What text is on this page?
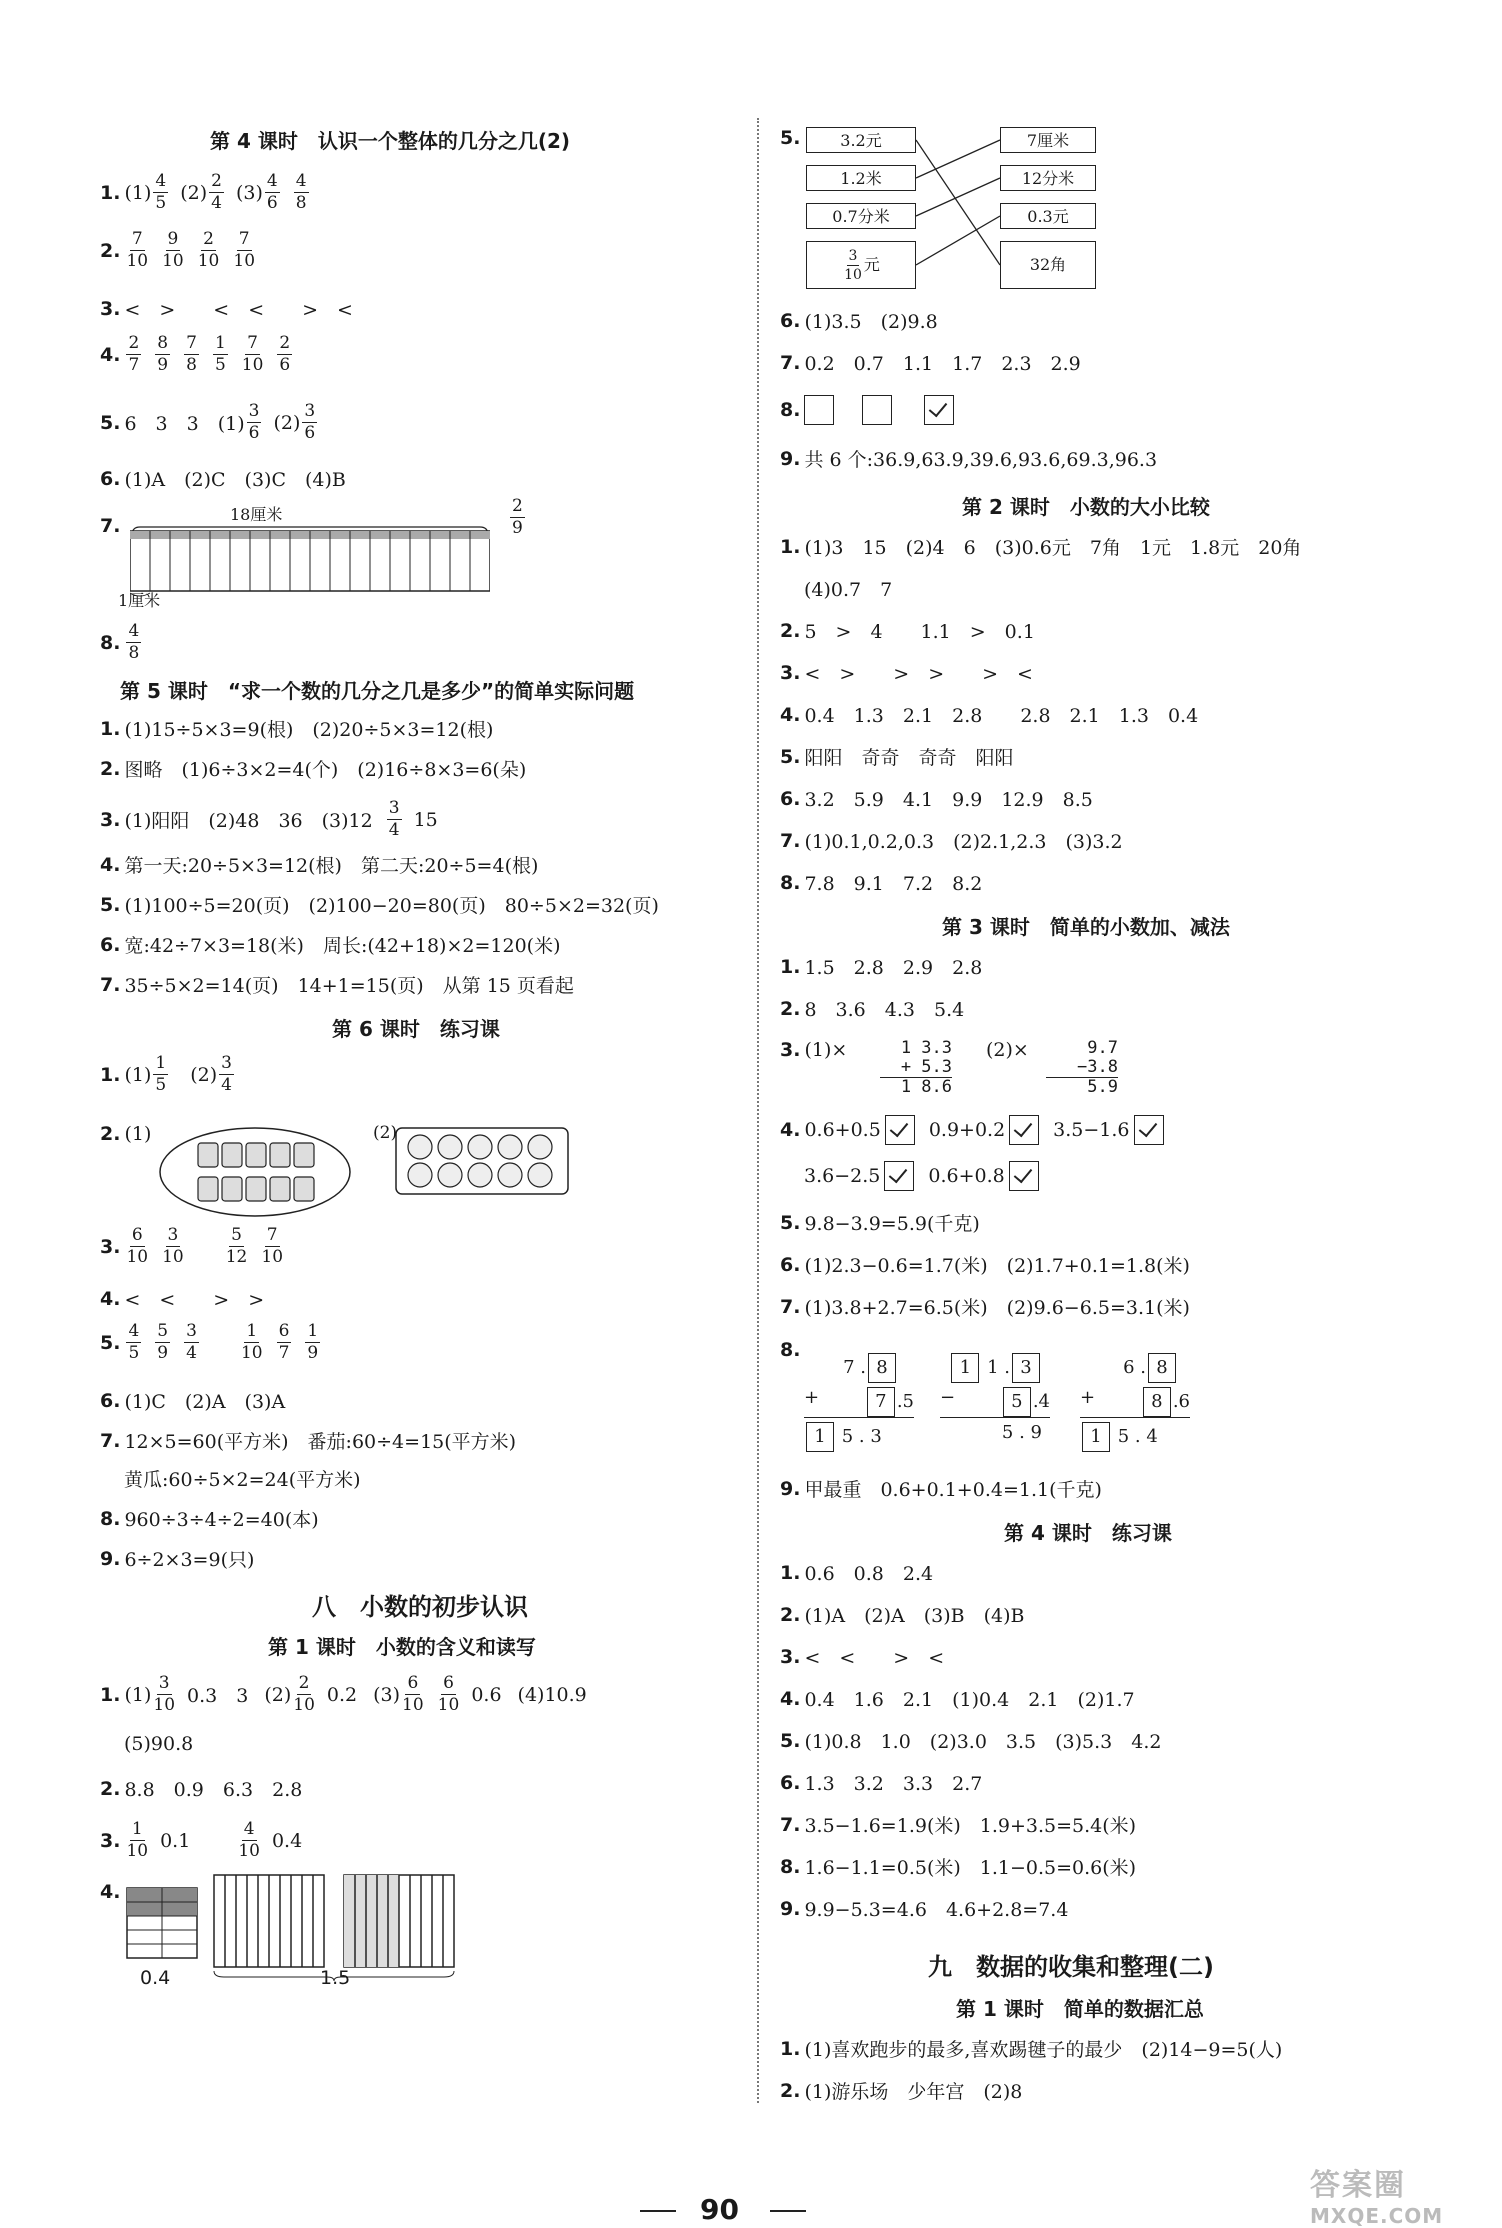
第 4 课时　认识一个整体的几分之几(2)
1. $(1) \frac{4}{5} (2) \frac{2}{4} (3) \frac{4}{6} \frac{4}{8}$
2. $\frac{7}{10} \frac{9}{10} \frac{2}{10} \frac{7}{10}$
3. <　>　　<　<　　>　<
4. $\frac{2}{7} \frac{8}{9} \frac{7}{8} \frac{1}{5} \frac{7}{10} \frac{2}{6}$
5. 6　3　3　$(1) \frac{3}{6} (2) \frac{3}{6}$
6. (1)A　(2)C　(3)C　(4)B
7.
18厘米
1厘米
$\frac{2}{9}$
8. $\frac{4}{8}$
第 5 课时　“求一个数的几分之几是多少”的简单实际问题
1. (1)15÷5×3=9(根)　(2)20÷5×3=12(根)
2. 图略　(1)6÷3×2=4(个)　(2)16÷8×3=6(朵)
3. (1)阳阳　(2)48　36　$(3)12 \frac{3}{4} 15$
4. 第一天:20÷5×3=12(根)　第二天:20÷5=4(根)
5. (1)100÷5=20(页)　(2)100−20=80(页)　80÷5×2=32(页)
6. 宽:42÷7×3=18(米)　周长:(42+18)×2=120(米)
7. 35÷5×2=14(页)　14+1=15(页)　从第 15 页看起
第 6 课时　练习课
1. $(1) \frac{1}{5} (2) \frac{3}{4}$
2. (1)	(2)
3. $\frac{6}{10} \frac{3}{10} \frac{5}{12} \frac{7}{10}$
4. <　<　　>　>
5. $\frac{4}{5} \frac{5}{9} \frac{3}{4} \frac{1}{10} \frac{6}{7} \frac{1}{9}$
6. (1)C　(2)A　(3)A
7. 12×5=60(平方米)　番茄:60÷4=15(平方米)
黄瓜:60÷5×2=24(平方米)
8. 960÷3÷4÷2=40(本)
9. 6÷2×3=9(只)
八　小数的初步认识
第 1 课时　小数的含义和读写
1. $(1) \frac{3}{10} 0.3$　3 $(2) \frac{2}{10} 0.2$ $(3) \frac{6}{10} \frac{6}{10} 0.6$ (4)10.9
(5)90.8
2. 8.8　0.9　6.3　2.8
3. $\frac{1}{10} 0.1$	$\frac{4}{10} 0.4$
4.
0.4	1.5
5.	3.2元
1.2米
0.7分米
$\frac{3}{10}$ 元
7厘米
12分米
0.3元
32角
6. (1)3.5　(2)9.8
7. 0.2　0.7　1.1　1.7　2.3　2.9
8.
9. 共 6 个:36.9,63.9,39.6,93.6,69.3,96.3
第 2 课时　小数的大小比较
1. (1)3　15　(2)4　6　(3)0.6元　7角　1元　1.8元　20角
(4)0.7　7
2. 5　>　4　　1.1　>　0.1
3. <　>　　>　>　　>　<
4. 0.4　1.3　2.1　2.8　　2.8　2.1　1.3　0.4
5. 阳阳　奇奇　奇奇　阳阳
6. 3.2　5.9　4.1　9.9　12.9　8.5
7. (1)0.1,0.2,0.3　(2)2.1,2.3　(3)3.2
8. 7.8　9.1　7.2　8.2
第 3 课时　简单的小数加、减法
1. 1.5　2.8　2.9　2.8
2. 8　3.6　4.3　5.4
3. (1)×	1 3.3
+ 5.3
1 8.6
(2)×	9.7
−3.8
5.9
4. 0.6+0.5	0.9+0.2	3.5−1.6
3.6−2.5	0.6+0.8
5. 9.8−3.9=5.9(千克)
6. (1)2.3−0.6=1.7(米)　(2)1.7+0.1=1.8(米)
7. (1)3.8+2.7=6.5(米)　(2)9.6−6.5=3.1(米)
8.
7 . 8
+	7 .5
1 5 . 3
1 1 . 3
−	5 .4
5 . 9
6 . 8
+	8 .6
1 5 . 4
9. 甲最重　0.6+0.1+0.4=1.1(千克)
第 4 课时　练习课
1. 0.6　0.8　2.4
2. (1)A　(2)A　(3)B　(4)B
3. <　<　　>　<
4. 0.4　1.6　2.1　(1)0.4　2.1　(2)1.7
5. (1)0.8　1.0　(2)3.0　3.5　(3)5.3　4.2
6. 1.3　3.2　3.3　2.7
7. 3.5−1.6=1.9(米)　1.9+3.5=5.4(米)
8. 1.6−1.1=0.5(米)　1.1−0.5=0.6(米)
9. 9.9−5.3=4.6　4.6+2.8=7.4
九　数据的收集和整理(二)
第 1 课时　简单的数据汇总
1. (1)喜欢跑步的最多,喜欢踢毽子的最少　(2)14−9=5(人)
2. (1)游乐场　少年宫　(2)8
90
答案圈
MXQE.COM
